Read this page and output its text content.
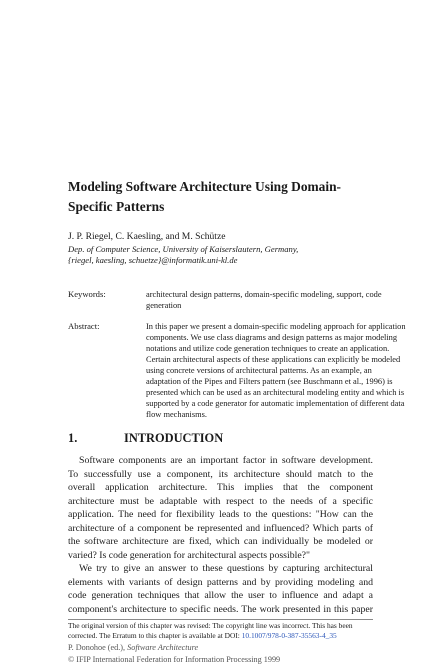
Modeling Software Architecture Using Domain-
Specific Patterns
J. P. Riegel, C. Kaesling, and M. Schütze
Dep. of Computer Science, University of Kaiserslautern, Germany,
{riegel, kaesling, schuetze}@informatik.uni-kl.de
Keywords:	architectural design patterns, domain-specific modeling, support, code
generation
Abstract:	In this paper we present a domain-specific modeling approach for application
components. We use class diagrams and design patterns as major modeling
notations and utilize code generation techniques to create an application.
Certain architectural aspects of these applications can explicitly be modeled
using concrete versions of architectural patterns. As an example, an
adaptation of the Pipes and Filters pattern (see Buschmann et al., 1996) is
presented which can be used as an architectural modeling entity and which is
supported by a code generator for automatic implementation of different data
flow mechanisms.
1.	INTRODUCTION
Software components are an important factor in software development.
To successfully use a component, its architecture should match to the
overall application architecture. This implies that the component
architecture must be adaptable with respect to the needs of a specific
application. The need for flexibility leads to the questions: "How can the
architecture of a component be represented and influenced? Which parts of
the software architecture are fixed, which can individually be modeled or
varied? Is code generation for architectural aspects possible?"
We try to give an answer to these questions by capturing architectural
elements with variants of design patterns and by providing modeling and
code generation techniques that allow the user to influence and adapt a
component's architecture to specific needs. The work presented in this paper
The original version of this chapter was revised: The copyright line was incorrect. This has been
corrected. The Erratum to this chapter is available at DOI: 10.1007/978-0-387-35563-4_35
P. Donohoe (ed.), Software Architecture
© IFIP International Federation for Information Processing 1999
